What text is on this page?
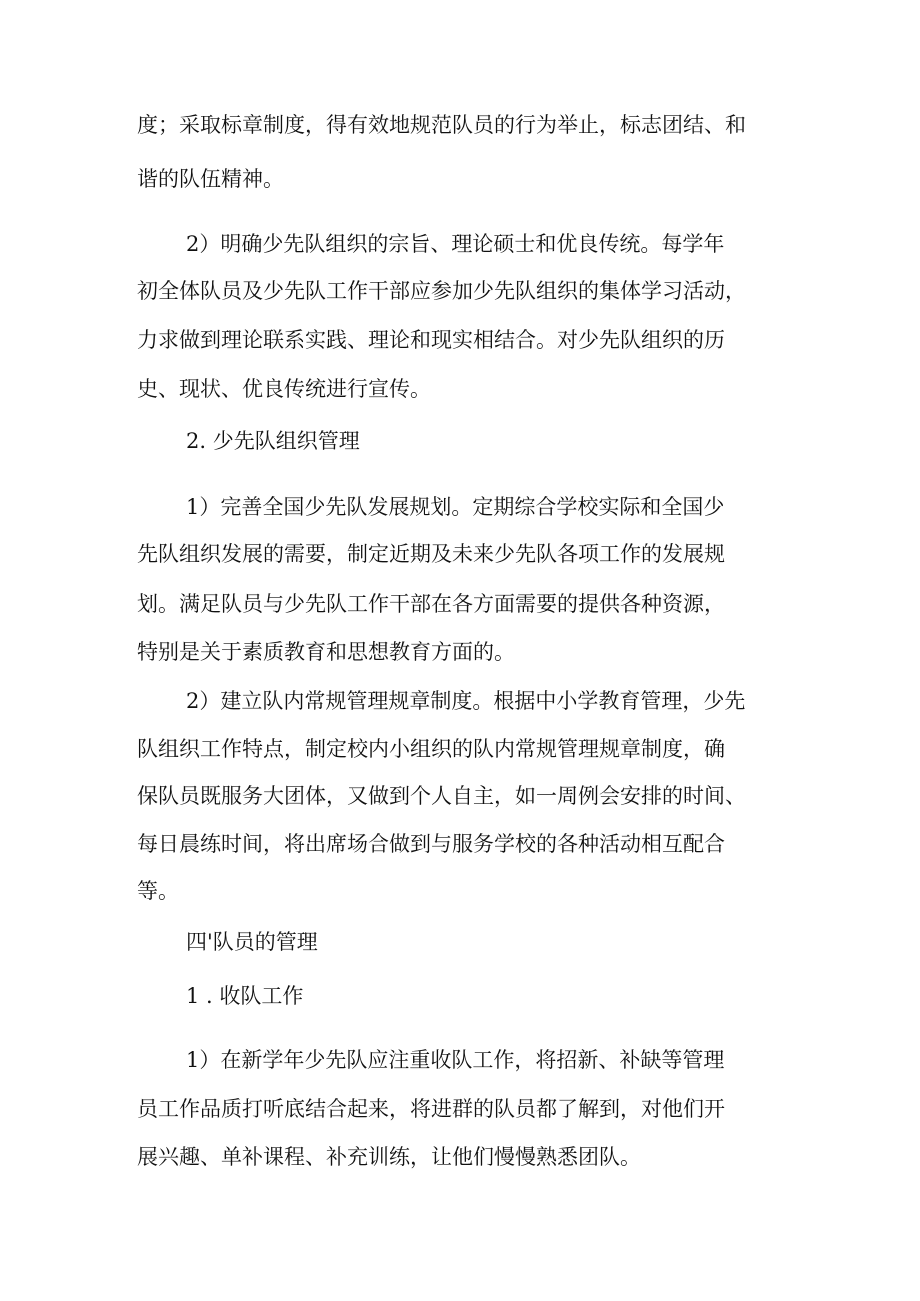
度；采取标章制度，得有效地规范队员的行为举止，标志团结、和

谐的队伍精神。

2）明确少先队组织的宗旨、理论硕士和优良传统。每学年

初全体队员及少先队工作干部应参加少先队组织的集体学习活动，

力求做到理论联系实践、理论和现实相结合。对少先队组织的历

史、现状、优良传统进行宣传。

2. 少先队组织管理

1）完善全国少先队发展规划。定期综合学校实际和全国少

先队组织发展的需要，制定近期及未来少先队各项工作的发展规

划。满足队员与少先队工作干部在各方面需要的提供各种资源，

特别是关于素质教育和思想教育方面的。

2）建立队内常规管理规章制度。根据中小学教育管理，少先

队组织工作特点，制定校内小组织的队内常规管理规章制度，确

保队员既服务大团体，又做到个人自主，如一周例会安排的时间、

每日晨练时间，将出席场合做到与服务学校的各种活动相互配合

等。

四'队员的管理

1 . 收队工作

1）在新学年少先队应注重收队工作，将招新、补缺等管理

员工作品质打听底结合起来，将进群的队员都了解到，对他们开

展兴趣、单补课程、补充训练，让他们慢慢熟悉团队。
